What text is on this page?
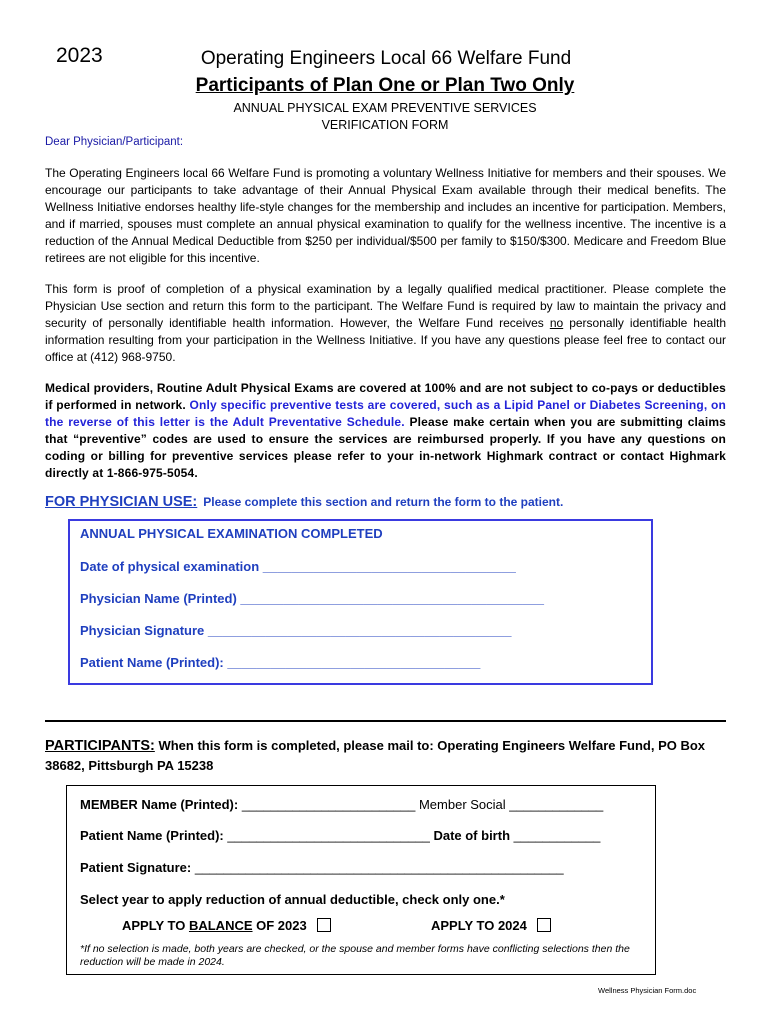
2023	Operating Engineers Local 66 Welfare Fund
Participants of Plan One or Plan Two Only
ANNUAL PHYSICAL EXAM PREVENTIVE SERVICES
VERIFICATION FORM
Dear Physician/Participant:
The Operating Engineers local 66 Welfare Fund is promoting a voluntary Wellness Initiative for members and their spouses. We encourage our participants to take advantage of their Annual Physical Exam available through their medical benefits. The Wellness Initiative endorses healthy life-style changes for the membership and includes an incentive for participation. Members, and if married, spouses must complete an annual physical examination to qualify for the wellness incentive. The incentive is a reduction of the Annual Medical Deductible from $250 per individual/$500 per family to $150/$300. Medicare and Freedom Blue retirees are not eligible for this incentive.
This form is proof of completion of a physical examination by a legally qualified medical practitioner. Please complete the Physician Use section and return this form to the participant. The Welfare Fund is required by law to maintain the privacy and security of personally identifiable health information. However, the Welfare Fund receives no personally identifiable health information resulting from your participation in the Wellness Initiative. If you have any questions please feel free to contact our office at (412) 968-9750.
Medical providers, Routine Adult Physical Exams are covered at 100% and are not subject to co-pays or deductibles if performed in network. Only specific preventive tests are covered, such as a Lipid Panel or Diabetes Screening, on the reverse of this letter is the Adult Preventative Schedule. Please make certain when you are submitting claims that “preventive” codes are used to ensure the services are reimbursed properly. If you have any questions on coding or billing for preventive services please refer to your in-network Highmark contract or contact Highmark directly at 1-866-975-5054.
FOR PHYSICIAN USE: Please complete this section and return the form to the patient.
ANNUAL PHYSICAL EXAMINATION COMPLETED
Date of physical examination ___________________________________
Physician Name (Printed) __________________________________________
Physician Signature __________________________________________
Patient Name (Printed): ___________________________________
PARTICIPANTS: When this form is completed, please mail to: Operating Engineers Welfare Fund, PO Box 38682, Pittsburgh PA 15238
MEMBER Name (Printed): ________________________ Member Social _____________
Patient Name (Printed): ____________________________ Date of birth ____________
Patient Signature: ___________________________________________________
Select year to apply reduction of annual deductible, check only one.*
APPLY TO BALANCE OF 2023	APPLY TO 2024
*If no selection is made, both years are checked, or the spouse and member forms have conflicting selections then the reduction will be made in 2024.
Wellness Physician Form.doc
